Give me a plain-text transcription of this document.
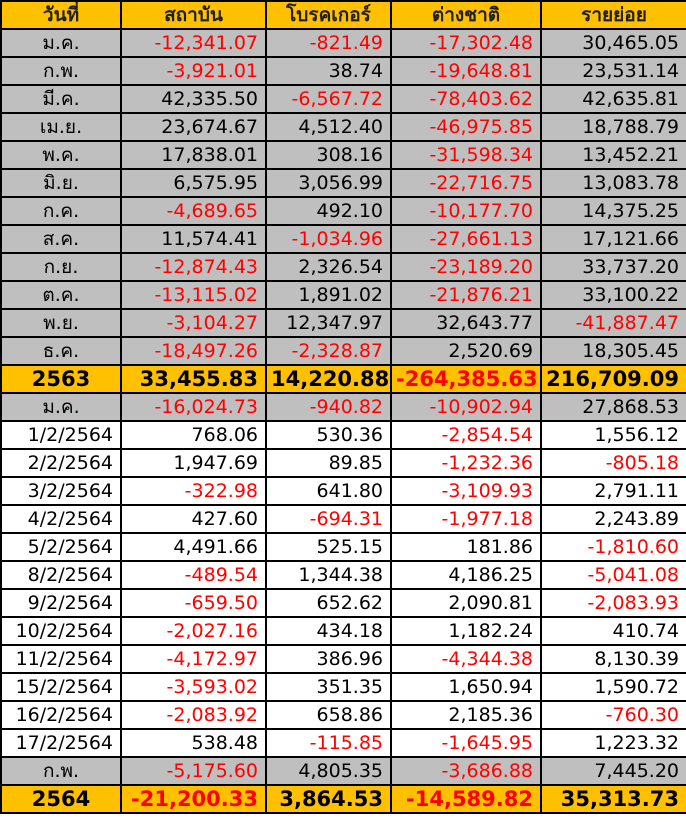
วันที่	สถาบัน	โบรคเกอร์	ต่างชาติ	รายย่อย
ม.ค.	-12,341.07	-821.49	-17,302.48	30,465.05
ก.พ.	-3,921.01	38.74	-19,648.81	23,531.14
มี.ค.	42,335.50	-6,567.72	-78,403.62	42,635.81
เม.ย.	23,674.67	4,512.40	-46,975.85	18,788.79
พ.ค.	17,838.01	308.16	-31,598.34	13,452.21
มิ.ย.	6,575.95	3,056.99	-22,716.75	13,083.78
ก.ค.	-4,689.65	492.10	-10,177.70	14,375.25
ส.ค.	11,574.41	-1,034.96	-27,661.13	17,121.66
ก.ย.	-12,874.43	2,326.54	-23,189.20	33,737.20
ต.ค.	-13,115.02	1,891.02	-21,876.21	33,100.22
พ.ย.	-3,104.27	12,347.97	32,643.77	-41,887.47
ธ.ค.	-18,497.26	-2,328.87	2,520.69	18,305.45
2563	33,455.83	14,220.88	-264,385.63	216,709.09
ม.ค.	-16,024.73	-940.82	-10,902.94	27,868.53
1/2/2564	768.06	530.36	-2,854.54	1,556.12
2/2/2564	1,947.69	89.85	-1,232.36	-805.18
3/2/2564	-322.98	641.80	-3,109.93	2,791.11
4/2/2564	427.60	-694.31	-1,977.18	2,243.89
5/2/2564	4,491.66	525.15	181.86	-1,810.60
8/2/2564	-489.54	1,344.38	4,186.25	-5,041.08
9/2/2564	-659.50	652.62	2,090.81	-2,083.93
10/2/2564	-2,027.16	434.18	1,182.24	410.74
11/2/2564	-4,172.97	386.96	-4,344.38	8,130.39
15/2/2564	-3,593.02	351.35	1,650.94	1,590.72
16/2/2564	-2,083.92	658.86	2,185.36	-760.30
17/2/2564	538.48	-115.85	-1,645.95	1,223.32
ก.พ.	-5,175.60	4,805.35	-3,686.88	7,445.20
2564	-21,200.33	3,864.53	-14,589.82	35,313.73
